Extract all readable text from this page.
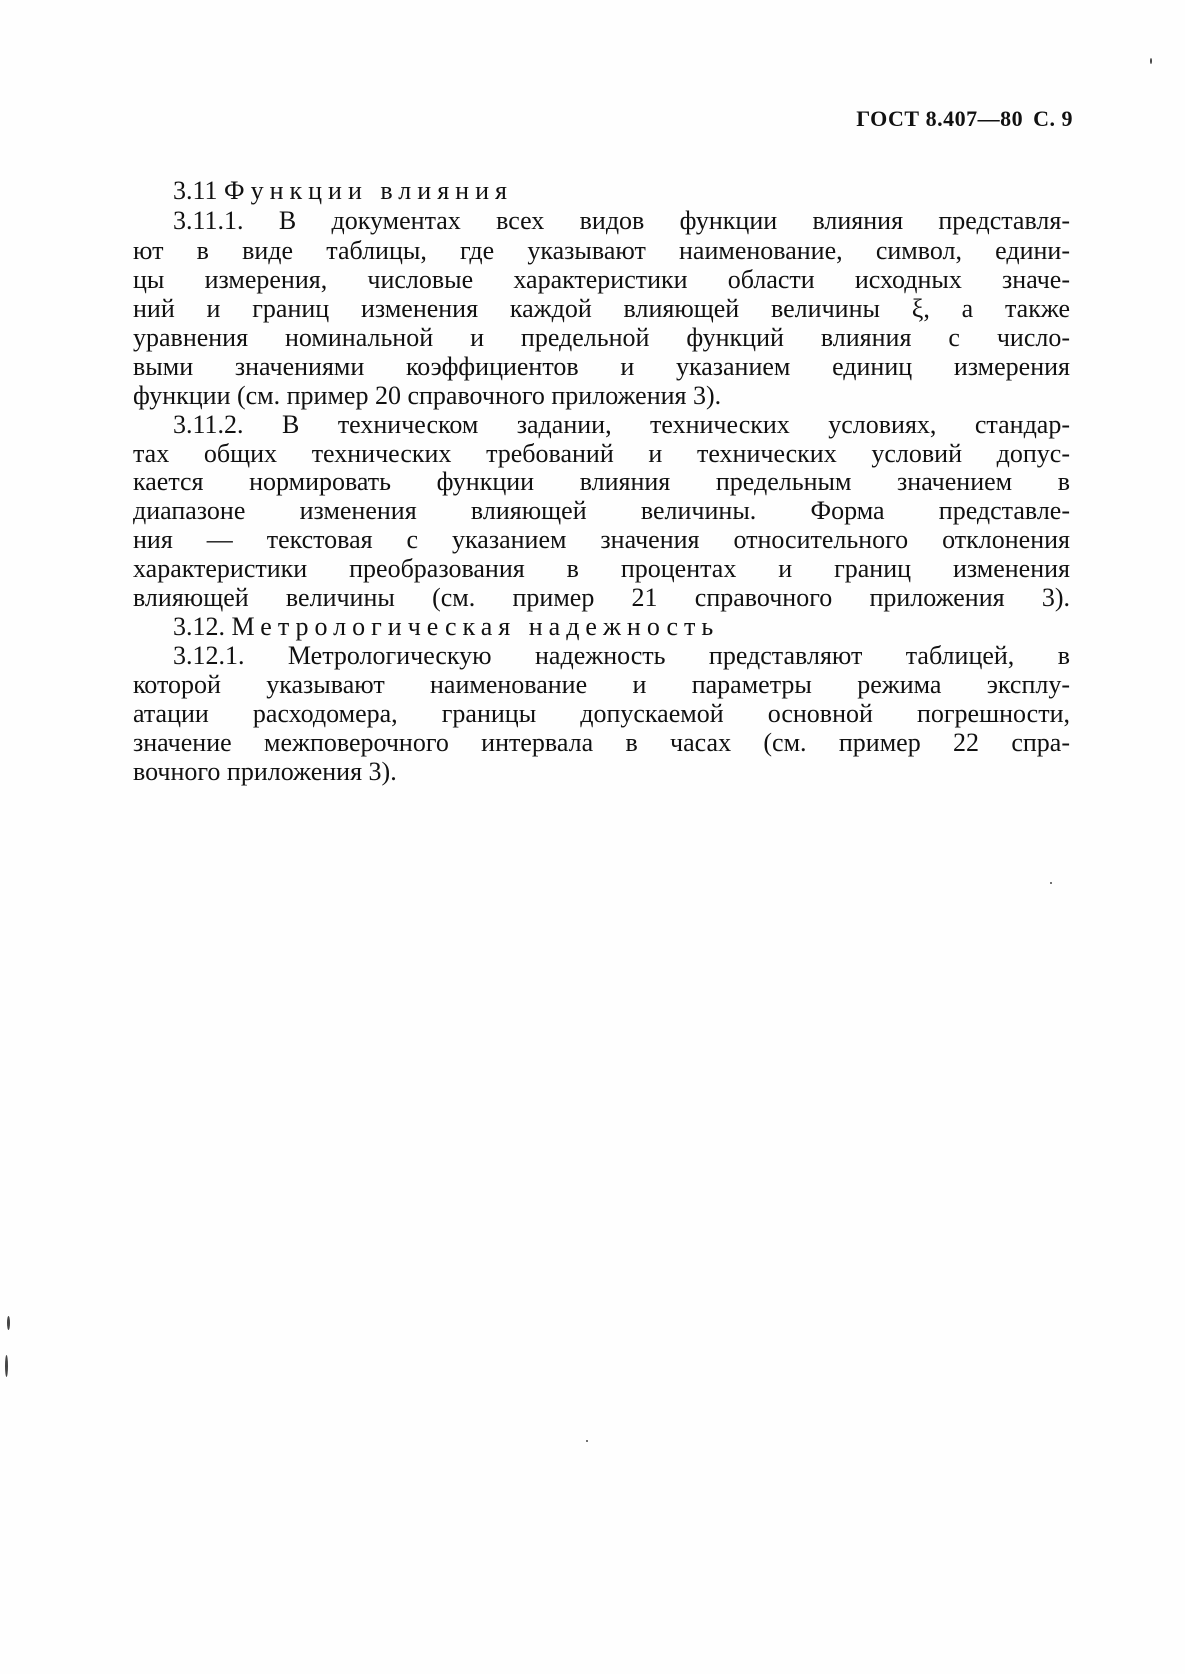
ГОСТ 8.407—80 С. 9
3.11 Функции влияния
3.11.1. В документах всех видов функции влияния представля-
ют в виде таблицы, где указывают наименование, символ, едини-
цы измерения, числовые характеристики области исходных значе-
ний и границ изменения каждой влияющей величины ξ, а также
уравнения номинальной и предельной функций влияния с число-
выми значениями коэффициентов и указанием единиц измерения
функции (см. пример 20 справочного приложения 3).
3.11.2. В техническом задании, технических условиях, стандар-
тах общих технических требований и технических условий допус-
кается нормировать функции влияния предельным значением в
диапазоне изменения влияющей величины. Форма представле-
ния — текстовая с указанием значения относительного отклонения
характеристики преобразования в процентах и границ изменения
влияющей величины (см. пример 21 справочного приложения 3).
3.12. Метрологическая надежность
3.12.1. Метрологическую надежность представляют таблицей, в
которой указывают наименование и параметры режима эксплу-
атации расходомера, границы допускаемой основной погрешности,
значение межповерочного интервала в часах (см. пример 22 спра-
вочного приложения 3).
